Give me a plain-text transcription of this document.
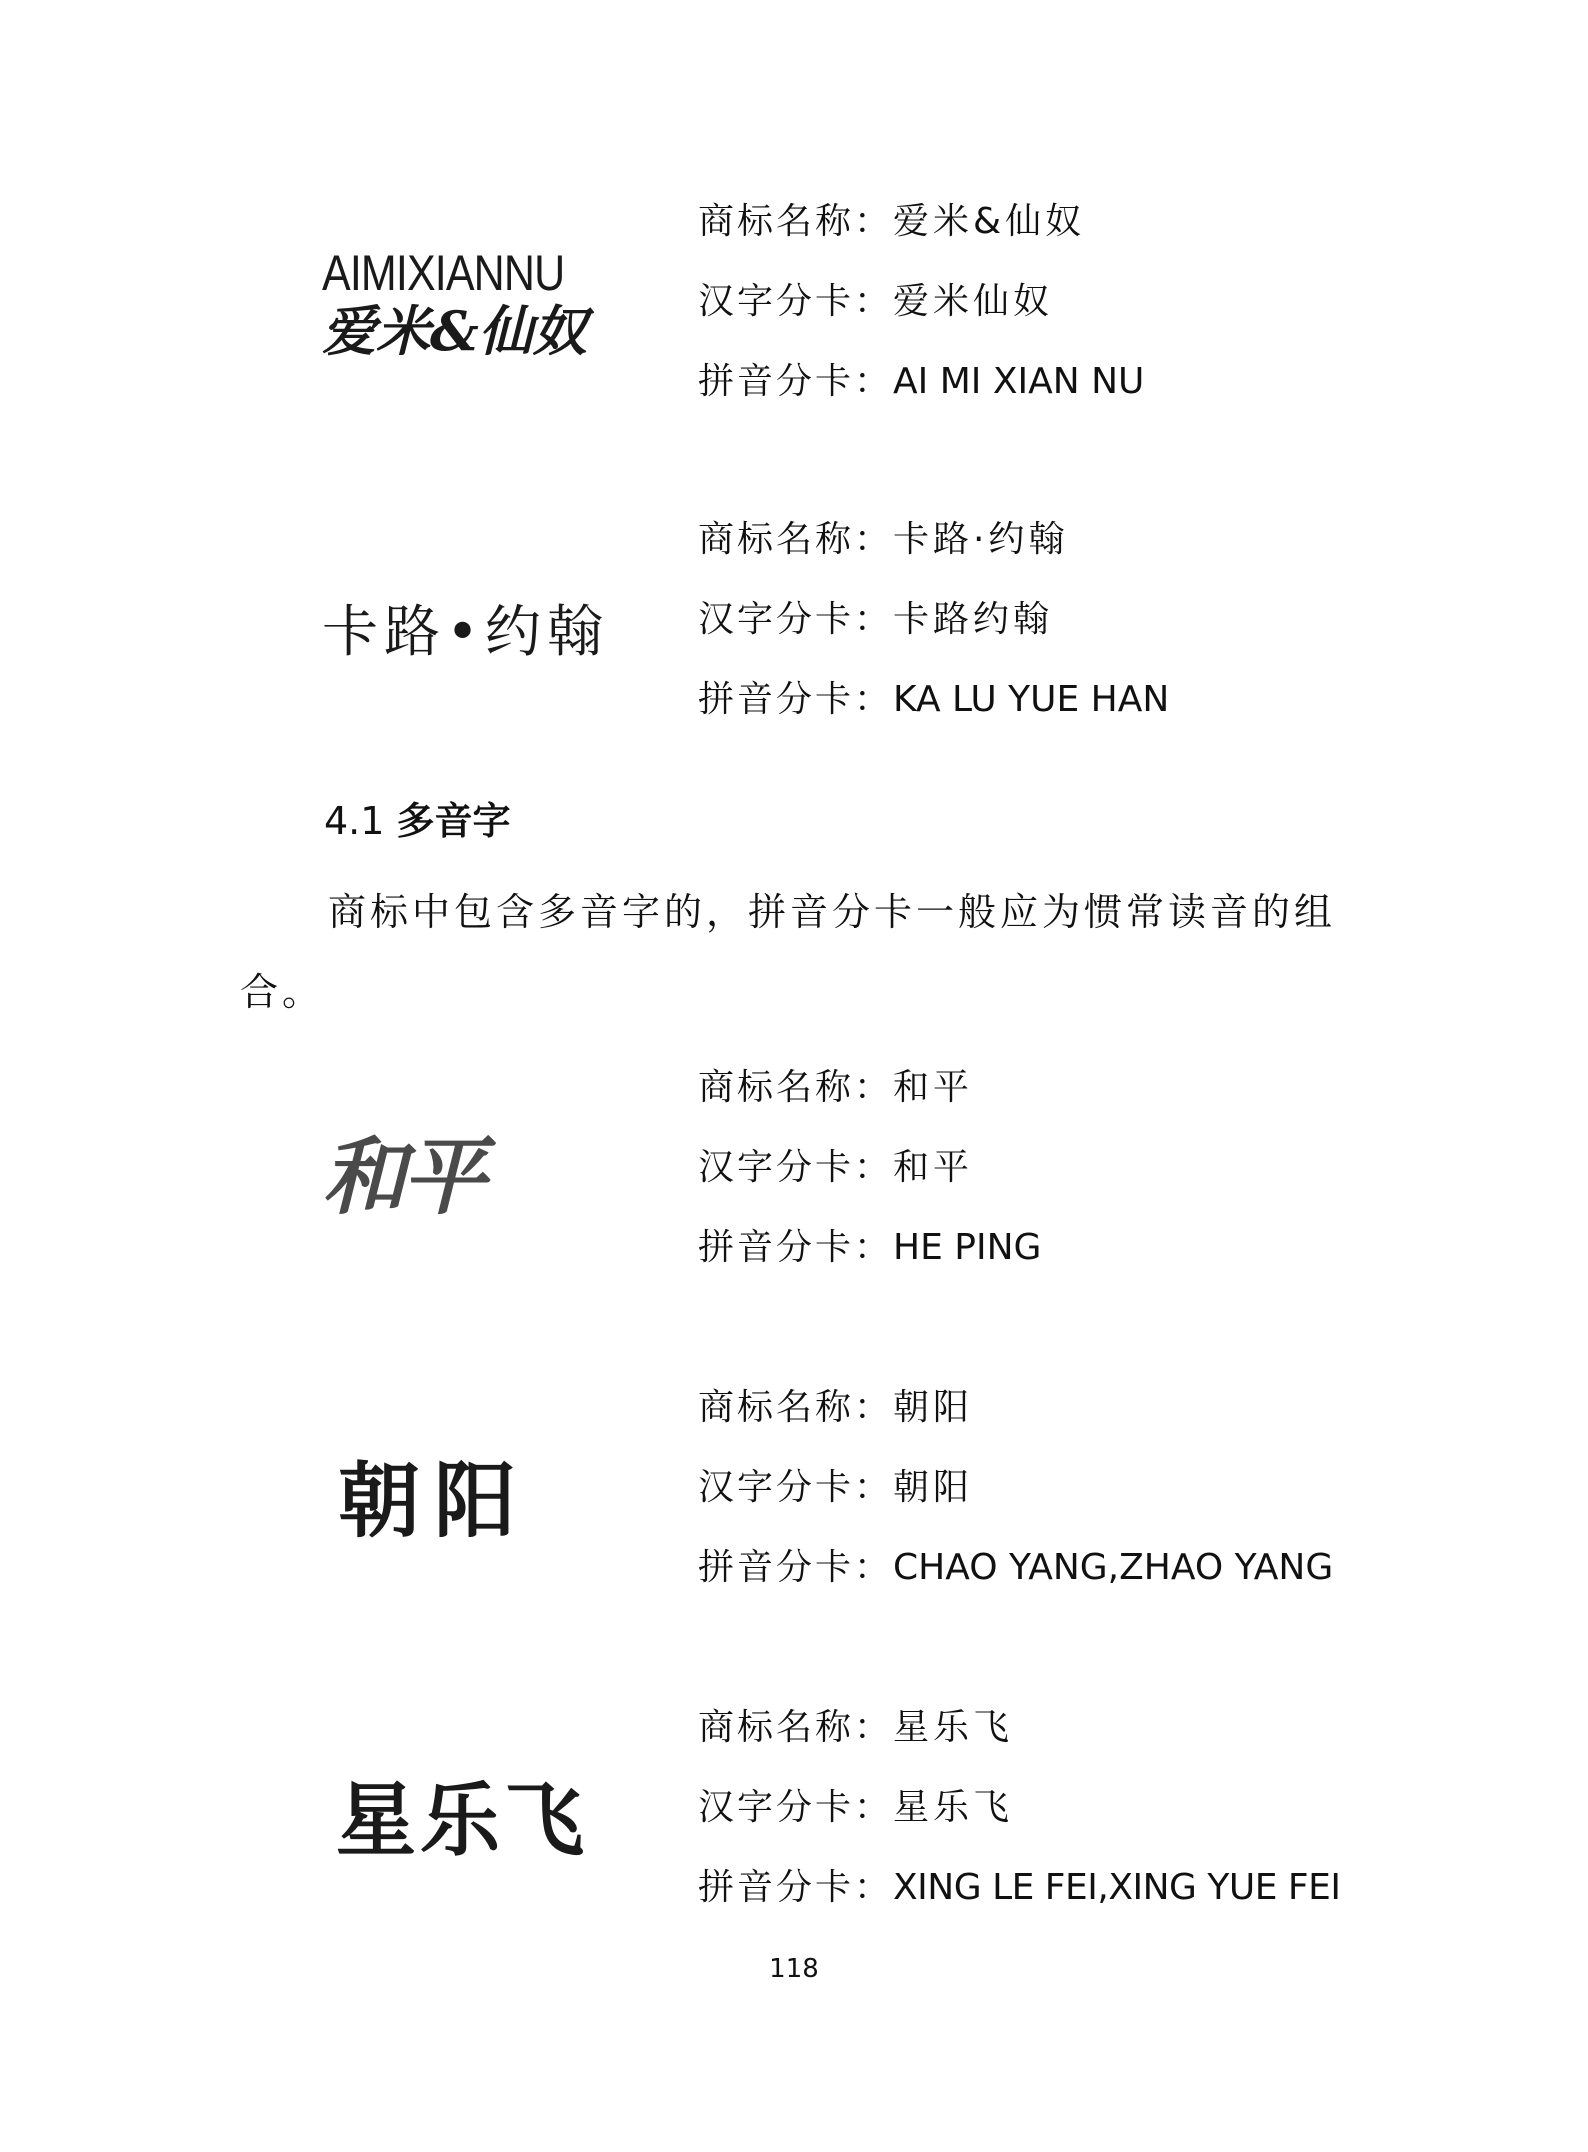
AIMIXIANNU
爱米&仙奴
商标名称：爱米&仙奴
汉字分卡：爱米仙奴
拼音分卡：AI MI XIAN NU
卡路•约翰
商标名称：卡路·约翰
汉字分卡：卡路约翰
拼音分卡：KA LU YUE HAN
4.1 多音字
商标中包含多音字的，拼音分卡一般应为惯常读音的组合。
和平
商标名称：和平
汉字分卡：和平
拼音分卡：HE PING
朝阳
商标名称：朝阳
汉字分卡：朝阳
拼音分卡：CHAO YANG,ZHAO YANG
星乐飞
商标名称：星乐飞
汉字分卡：星乐飞
拼音分卡：XING LE FEI,XING YUE FEI
118
